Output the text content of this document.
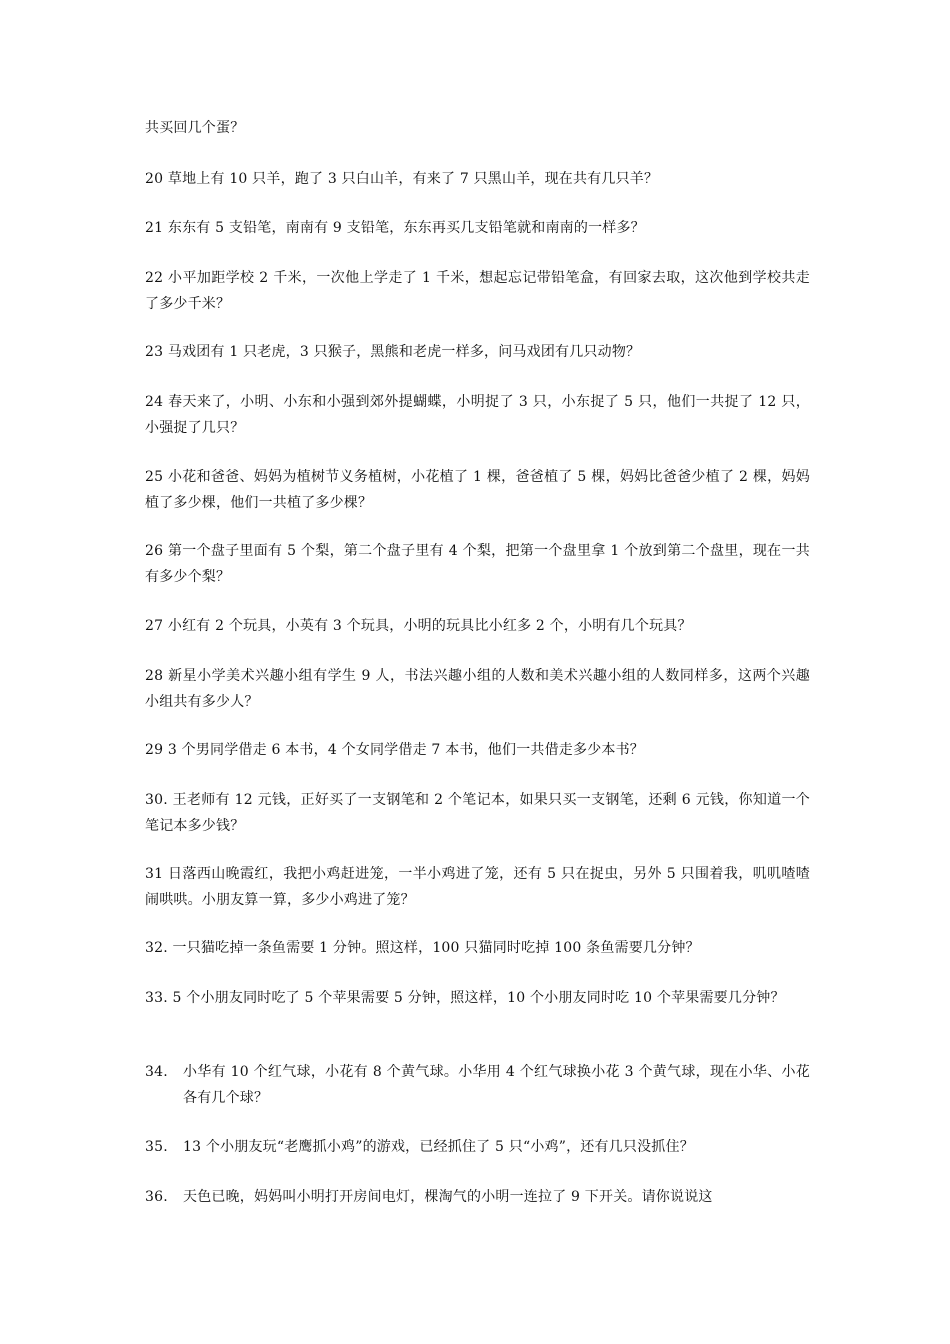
共买回几个蛋？
20 草地上有 10 只羊，跑了 3 只白山羊，有来了 7 只黑山羊，现在共有几只羊？
21 东东有 5 支铅笔，南南有 9 支铅笔，东东再买几支铅笔就和南南的一样多？
22 小平加距学校 2 千米，一次他上学走了 1 千米，想起忘记带铅笔盒，有回家去取，这次他到学校共走了多少千米？
23 马戏团有 1 只老虎，3 只猴子，黑熊和老虎一样多，问马戏团有几只动物？
24 春天来了，小明、小东和小强到郊外提蝴蝶，小明捉了 3 只，小东捉了 5 只，他们一共捉了 12 只，小强捉了几只？
25 小花和爸爸、妈妈为植树节义务植树，小花植了 1 棵，爸爸植了 5 棵，妈妈比爸爸少植了 2 棵，妈妈植了多少棵，他们一共植了多少棵？
26 第一个盘子里面有 5 个梨，第二个盘子里有 4 个梨，把第一个盘里拿 1 个放到第二个盘里，现在一共有多少个梨？
27 小红有 2 个玩具，小英有 3 个玩具，小明的玩具比小红多 2 个，小明有几个玩具？
28 新星小学美术兴趣小组有学生 9 人，书法兴趣小组的人数和美术兴趣小组的人数同样多，这两个兴趣小组共有多少人？
29 3 个男同学借走 6 本书，4 个女同学借走 7 本书，他们一共借走多少本书？
30. 王老师有 12 元钱，正好买了一支钢笔和 2 个笔记本，如果只买一支钢笔，还剩 6 元钱，你知道一个笔记本多少钱？
31 日落西山晚霞红，我把小鸡赶进笼，一半小鸡进了笼，还有 5 只在捉虫，另外 5 只围着我，叽叽喳喳闹哄哄。小朋友算一算，多少小鸡进了笼？
32. 一只猫吃掉一条鱼需要 1 分钟。照这样，100 只猫同时吃掉 100 条鱼需要几分钟？
33. 5 个小朋友同时吃了 5 个苹果需要 5 分钟，照这样，10 个小朋友同时吃 10 个苹果需要几分钟？
34.	小华有 10 个红气球，小花有 8 个黄气球。小华用 4 个红气球换小花 3 个黄气球，现在小华、小花各有几个球？
35.	13 个小朋友玩“老鹰抓小鸡”的游戏，已经抓住了 5 只“小鸡”，还有几只没抓住？
36.	天色已晚，妈妈叫小明打开房间电灯，棵淘气的小明一连拉了 9 下开关。请你说说这
